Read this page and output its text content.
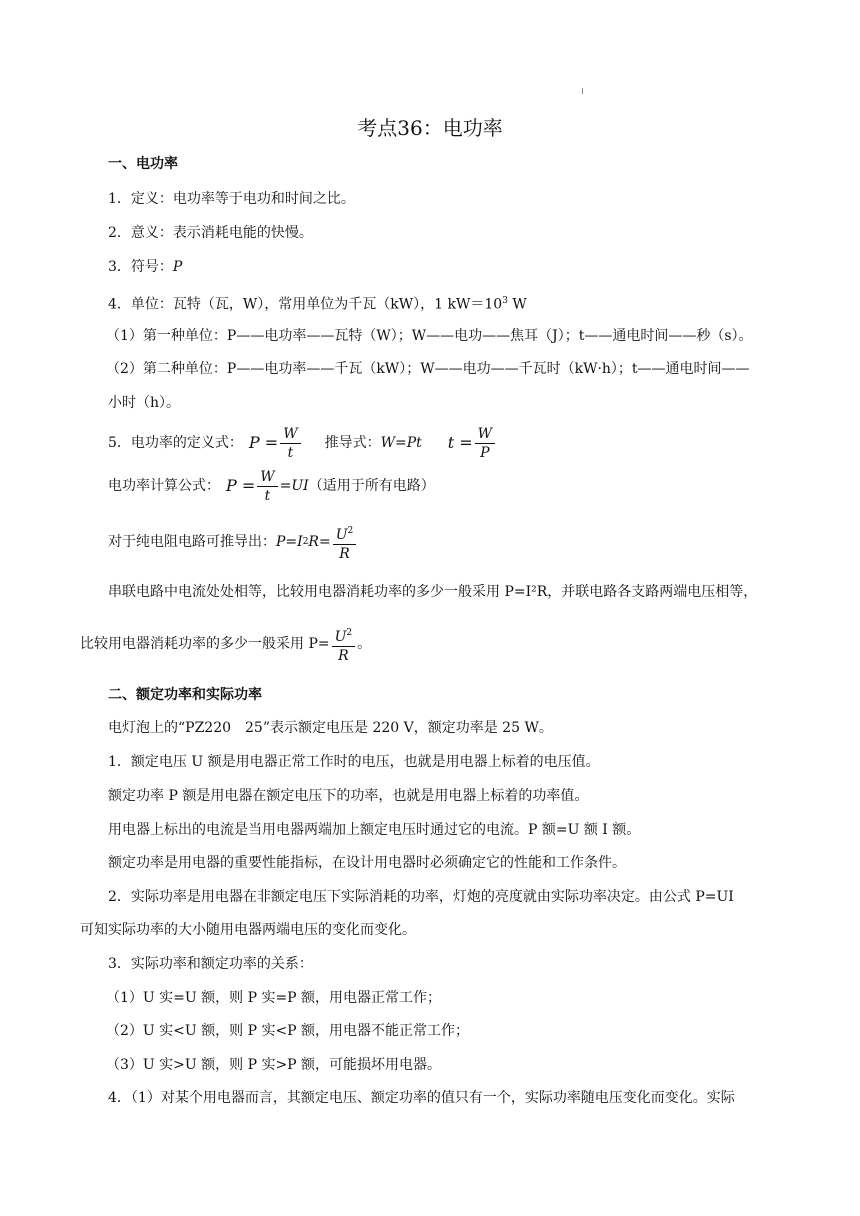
考点36：电功率
一、电功率
1．定义：电功率等于电功和时间之比。
2．意义：表示消耗电能的快慢。
3．符号：P
4．单位：瓦特（瓦，W），常用单位为千瓦（kW），1 $kW=10^3$ W
（1）第一种单位：P——电功率——瓦特（W）；W——电功——焦耳（J）；t——通电时间——秒（s）。
（2）第二种单位：P——电功率——千瓦（kW）；W——电功——千瓦时（kW·h）；t——通电时间——
小时（h）。
5．电功率的定义式： $P = \frac{W}{t}$ 推导式： W=Pt $t = \frac{W}{P}$
电功率计算公式： $P = \frac{W}{t} =UI$ （适用于所有电路）
对于纯电阻电路可推导出： P=I 2 $R= \frac{U^2}{R}$
串联电路中电流处处相等，比较用电器消耗功率的多少一般采用 P=I²R，并联电路各支路两端电压相等，
比较用电器消耗功率的多少一般采用 $P= \frac{U^2}{R}$ 。
二、额定功率和实际功率
电灯泡上的“PZ220　25”表示额定电压是 220 V，额定功率是 25 W。
1．额定电压 U 额是用电器正常工作时的电压，也就是用电器上标着的电压值。
额定功率 P 额是用电器在额定电压下的功率，也就是用电器上标着的功率值。
用电器上标出的电流是当用电器两端加上额定电压时通过它的电流。P 额=U 额 I 额。
额定功率是用电器的重要性能指标，在设计用电器时必须确定它的性能和工作条件。
2．实际功率是用电器在非额定电压下实际消耗的功率，灯炮的亮度就由实际功率决定。由公式 P=UI
可知实际功率的大小随用电器两端电压的变化而变化。
3．实际功率和额定功率的关系：
（1）U 实=U 额，则 P 实=P 额，用电器正常工作；
（2）U 实<U 额，则 P 实<P 额，用电器不能正常工作；
（3）U 实>U 额，则 P 实>P 额，可能损坏用电器。
4．（1）对某个用电器而言，其额定电压、额定功率的值只有一个，实际功率随电压变化而变化。实际
